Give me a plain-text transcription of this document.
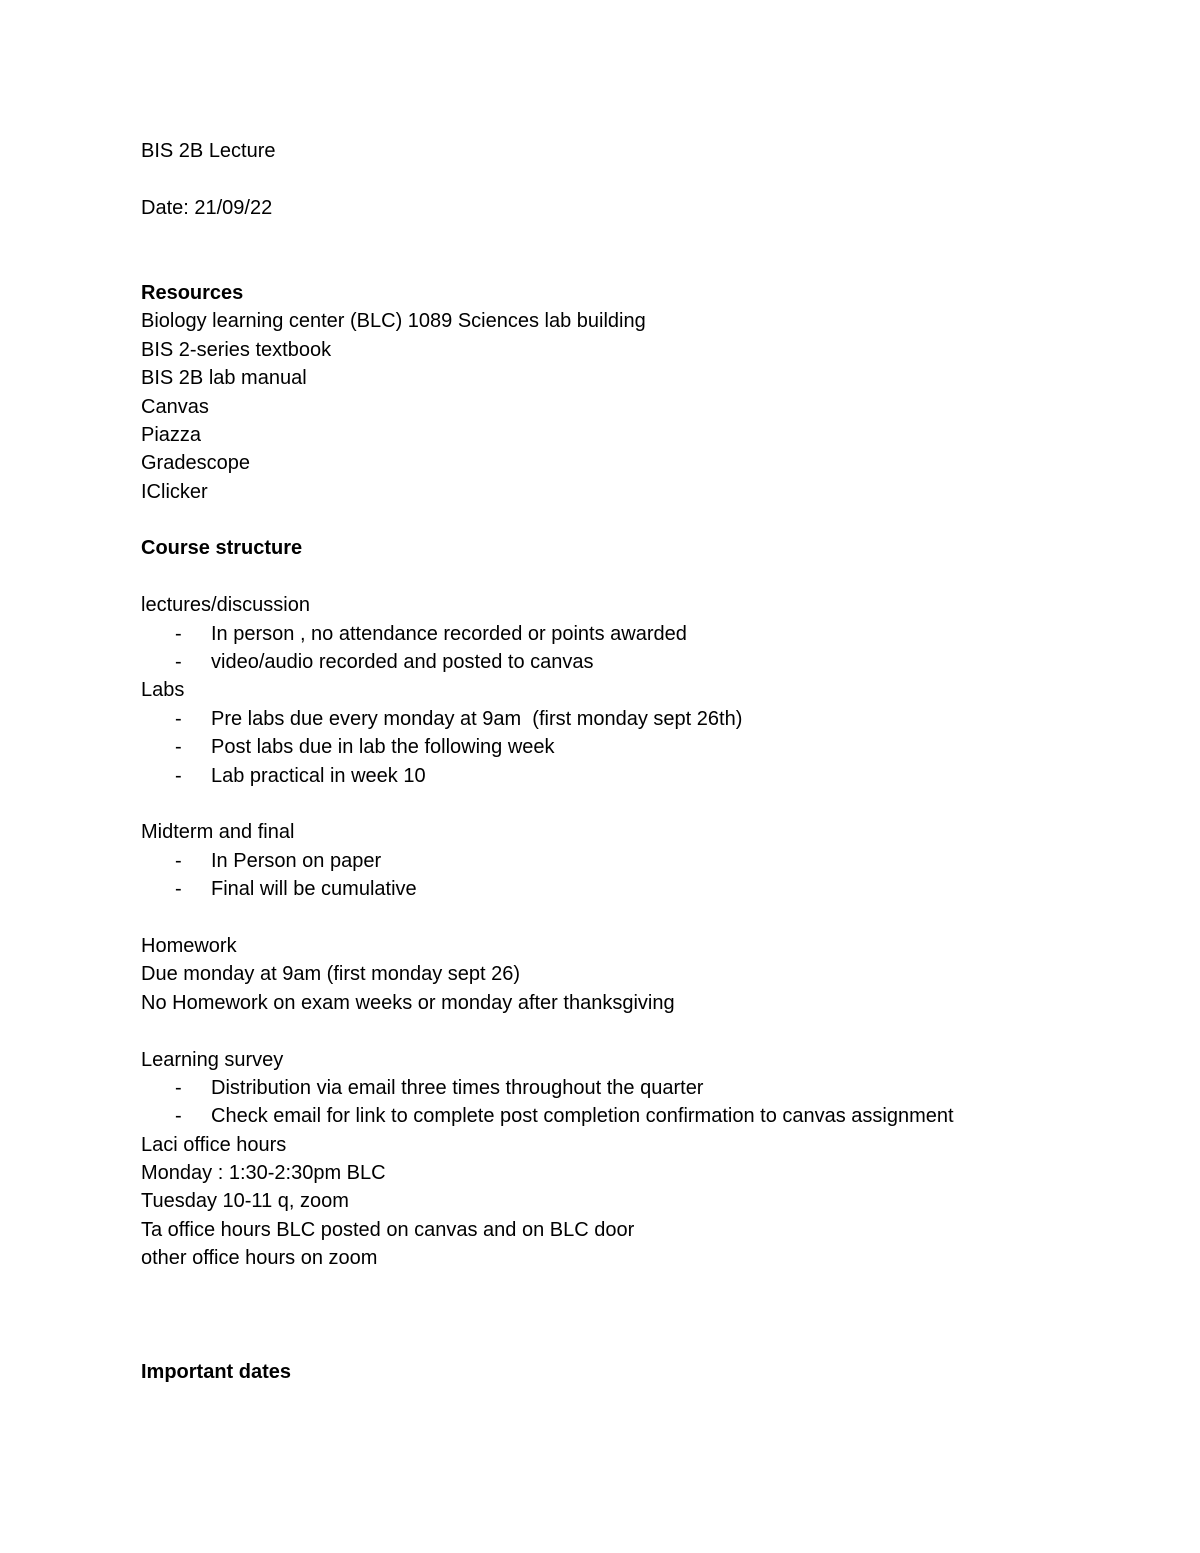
BIS 2B Lecture
Date: 21/09/22
Resources
Biology learning center (BLC) 1089 Sciences lab building
BIS 2-series textbook
BIS 2B lab manual
Canvas
Piazza
Gradescope
IClicker
Course structure
lectures/discussion
- In person , no attendance recorded or points awarded
- video/audio recorded and posted to canvas
Labs
- Pre labs due every monday at 9am  (first monday sept 26th)
- Post labs due in lab the following week
- Lab practical in week 10
Midterm and final
- In Person on paper
- Final will be cumulative
Homework
Due monday at 9am (first monday sept 26)
No Homework on exam weeks or monday after thanksgiving
Learning survey
- Distribution via email three times throughout the quarter
- Check email for link to complete post completion confirmation to canvas assignment
Laci office hours
Monday : 1:30-2:30pm BLC
Tuesday 10-11 q, zoom
Ta office hours BLC posted on canvas and on BLC door
other office hours on zoom
Important dates
